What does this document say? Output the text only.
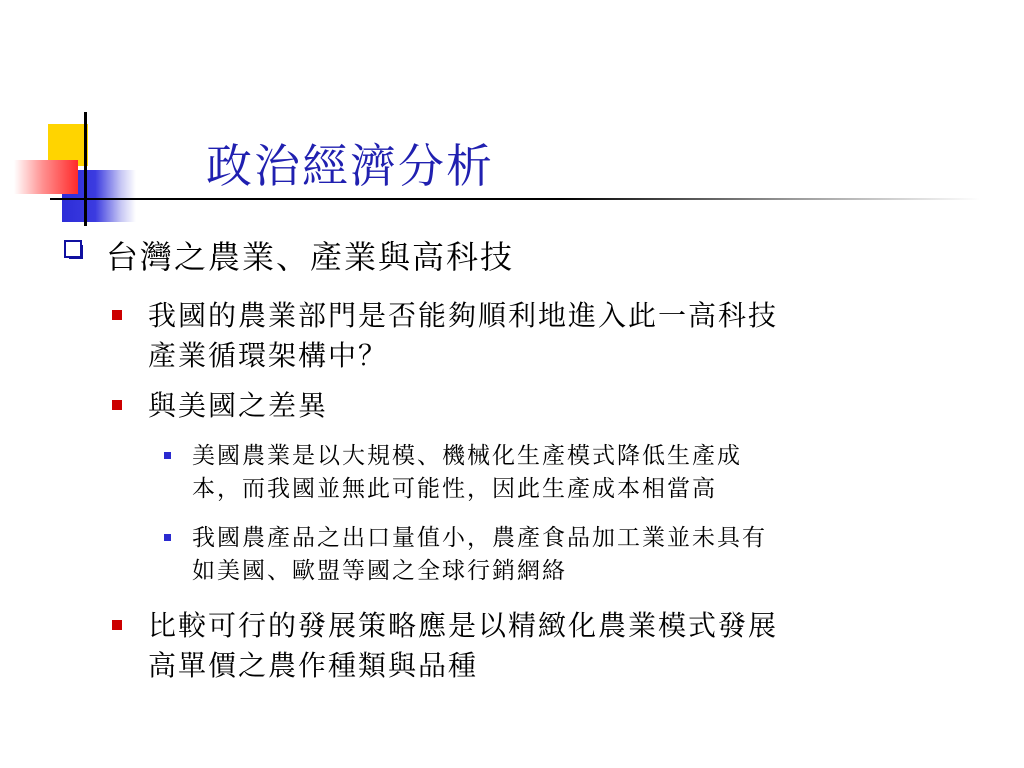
政治經濟分析
台灣之農業、產業與高科技
我國的農業部門是否能夠順利地進入此一高科技
產業循環架構中？
與美國之差異
美國農業是以大規模、機械化生產模式降低生產成
本，而我國並無此可能性，因此生產成本相當高
我國農產品之出口量值小，農產食品加工業並未具有
如美國、歐盟等國之全球行銷網絡
比較可行的發展策略應是以精緻化農業模式發展
高單價之農作種類與品種
